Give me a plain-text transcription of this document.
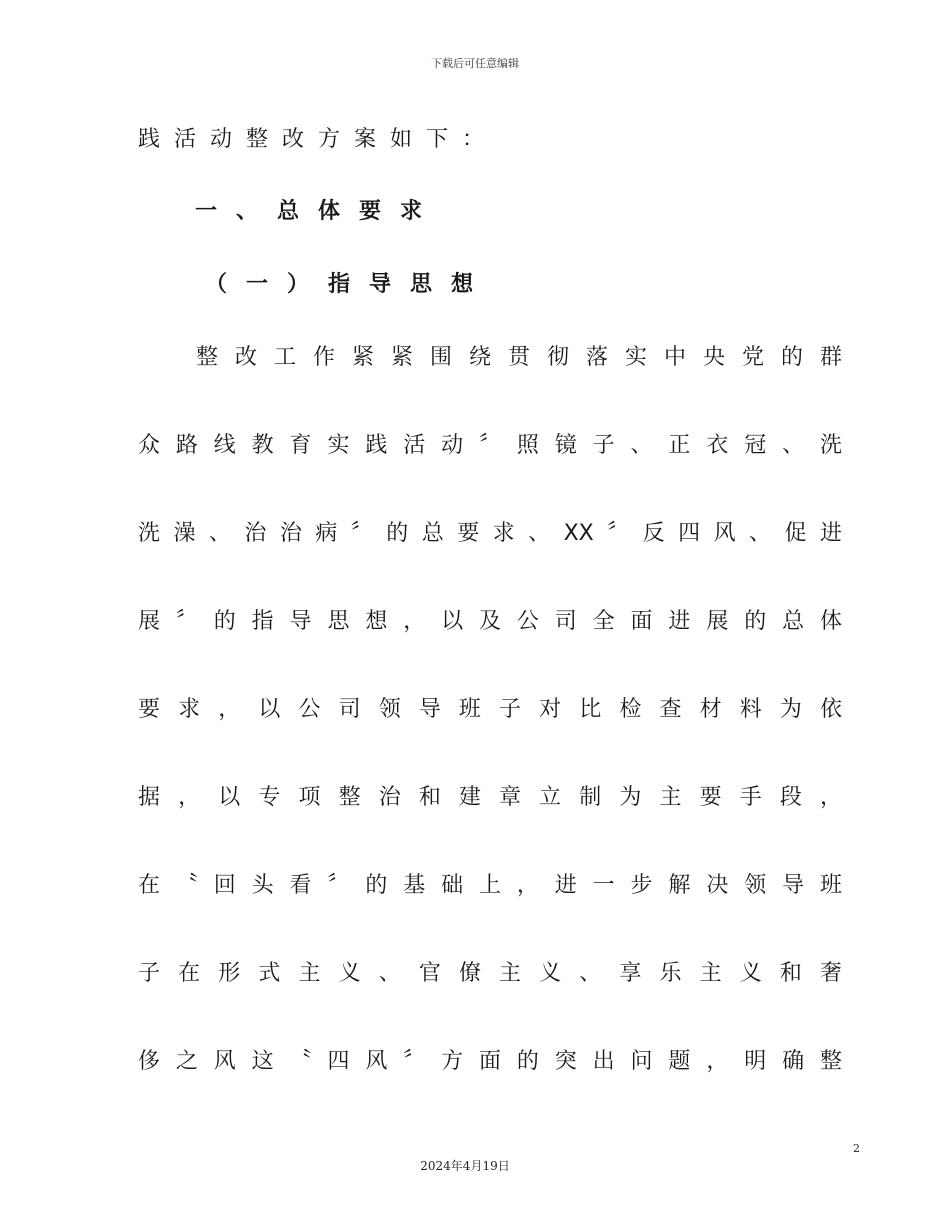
下载后可任意编辑
践活动整改方案如下：
一、总体要求
（一）指导思想
整改工作紧紧围绕贯彻落实中央党的群
众路线教育实践活动〞照镜子、正衣冠、洗
洗澡、治治病〞的总要求、XX〞反四风、促进
展〞的指导思想，以及公司全面进展的总体
要求，以公司领导班子对比检查材料为依
据，以专项整治和建章立制为主要手段，
在〝回头看〞的基础上，进一步解决领导班
子在形式主义、官僚主义、享乐主义和奢
侈之风这〝四风〞方面的突出问题，明确整
2
2024年4月19日
